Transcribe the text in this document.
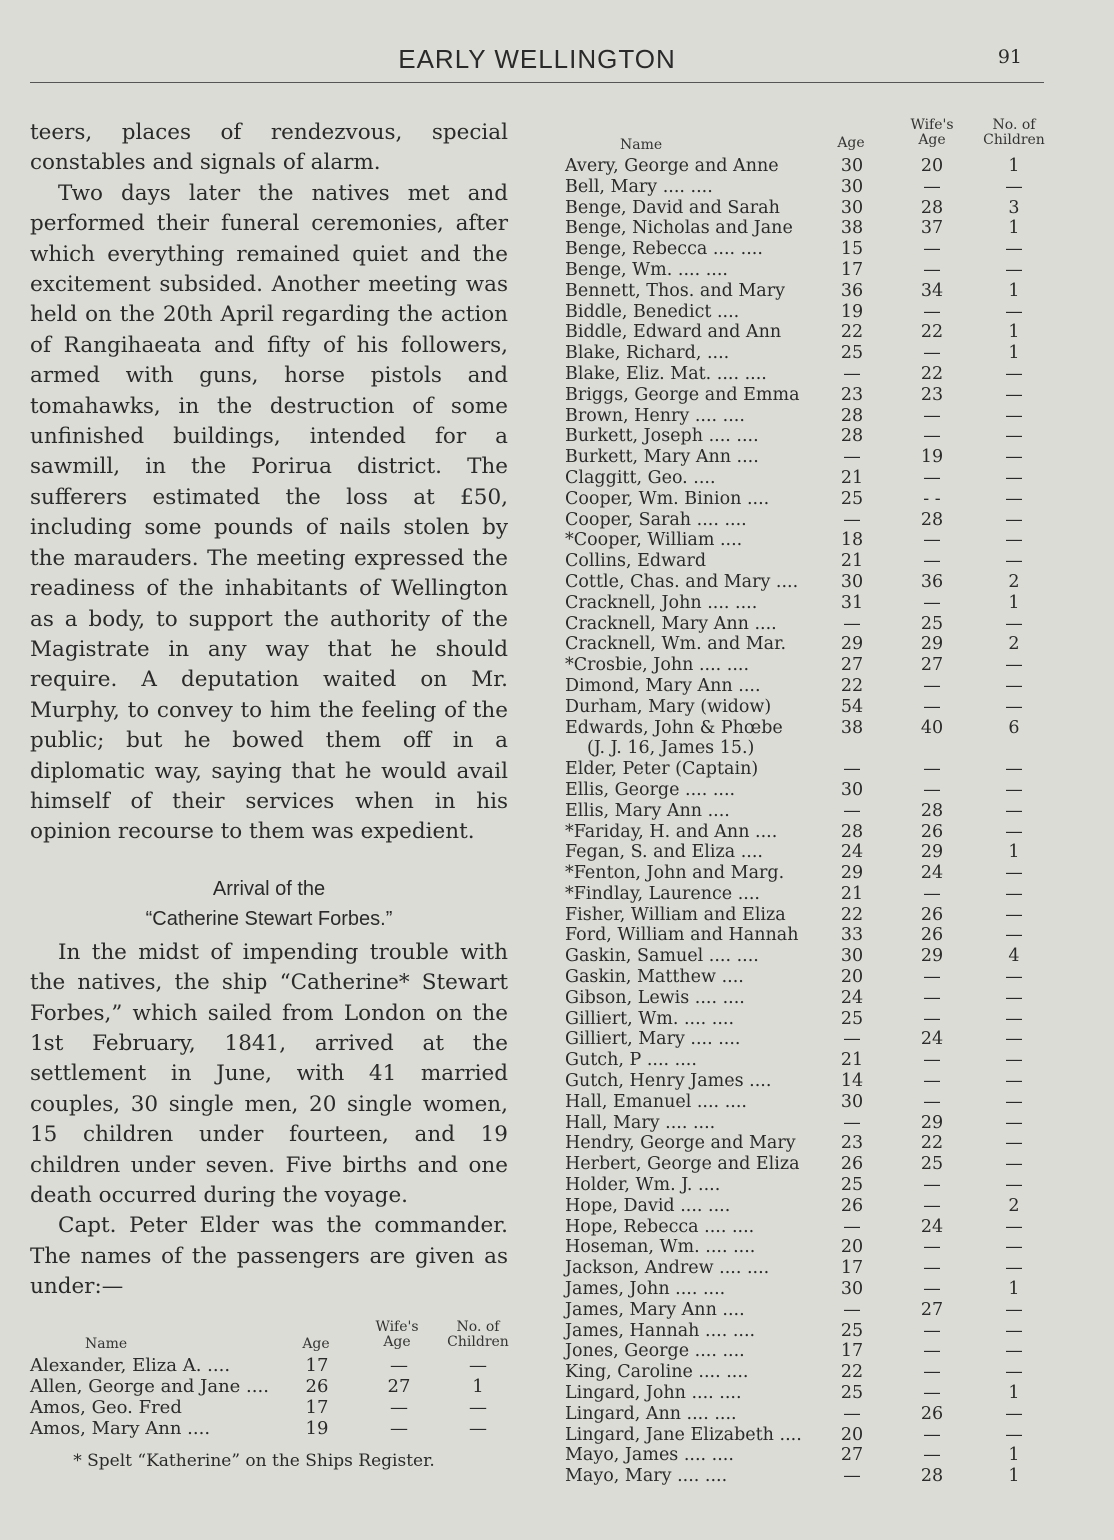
EARLY WELLINGTON	91

teers, places of rendezvous, special constables and signals of alarm.

Two days later the natives met and performed their funeral ceremonies, after which everything remained quiet and the excitement subsided. Another meeting was held on the 20th April regarding the action of Rangihaeata and fifty of his followers, armed with guns, horse pistols and tomahawks, in the destruction of some unfinished buildings, intended for a sawmill, in the Porirua district. The sufferers estimated the loss at £50, including some pounds of nails stolen by the marauders. The meeting expressed the readiness of the inhabitants of Wellington as a body, to support the authority of the Magistrate in any way that he should require. A deputation waited on Mr. Murphy, to convey to him the feeling of the public; but he bowed them off in a diplomatic way, saying that he would avail himself of their services when in his opinion recourse to them was expedient.

Arrival of the
“Catherine Stewart Forbes.”

In the midst of impending trouble with the natives, the ship “Catherine* Stewart Forbes,” which sailed from London on the 1st February, 1841, arrived at the settlement in June, with 41 married couples, 30 single men, 20 single women, 15 children under fourteen, and 19 children under seven. Five births and one death occurred during the voyage.

Capt. Peter Elder was the commander. The names of the passengers are given as under:—

Name	Age
Wife's
Age
No. of
Children
Alexander, Eliza A. ....	17	—	—
Allen, George and Jane .... 26	27	1
Amos, Geo. Fred	17	—	—
Amos, Mary Ann ....	19	—	—
* Spelt “Katherine” on the Ships Register.
Name	Age
Wife's
Age
No. of
Children
Avery, George and Anne	30	20	1
Bell, Mary .... ....	30	—	—
Benge, David and Sarah	30	28	3
Benge, Nicholas and Jane	38	37	1
Benge, Rebecca .... ....	15	—	—
Benge, Wm. .... ....	17	—	—
Bennett, Thos. and Mary	36	34	1
Biddle, Benedict ....	19	—	—
Biddle, Edward and Ann	22	22	1
Blake, Richard, ....	25	—	1
Blake, Eliz. Mat. .... ....	—	22	—
Briggs, George and Emma 23	23	—
Brown, Henry .... ....	28	—	—
Burkett, Joseph .... ....	28	—	—
Burkett, Mary Ann ....	—	19	—
Claggitt, Geo. ....	21	—	—
Cooper, Wm. Binion ....	25	- -	—
Cooper, Sarah .... ....	—	28	—
*Cooper, William ....	18	—	—
Collins, Edward	21	—	—
Cottle, Chas. and Mary .... 30	36	2
Cracknell, John .... ....	31	—	1
Cracknell, Mary Ann ....	—	25	—
Cracknell, Wm. and Mar.	29	29	2
*Crosbie, John .... ....	27	27	—
Dimond, Mary Ann ....	22	—	—
Durham, Mary (widow)	54	—	—
Edwards, John & Phœbe	38	40	6
(J. J. 16, James 15.)
Elder, Peter (Captain)	—	—	—
Ellis, George .... ....	30	—	—
Ellis, Mary Ann ....	—	28	—
*Fariday, H. and Ann ....	28	26	—
Fegan, S. and Eliza ....	24	29	1
*Fenton, John and Marg.	29	24	—
*Findlay, Laurence ....	21	—	—
Fisher, William and Eliza	22	26	—
Ford, William and Hannah 33	26	—
Gaskin, Samuel .... ....	30	29	4
Gaskin, Matthew ....	20	—	—
Gibson, Lewis .... ....	24	—	—
Gilliert, Wm. .... ....	25	—	—
Gilliert, Mary .... ....	—	24	—
Gutch, P .... ....	21	—	—
Gutch, Henry James ....	14	—	—
Hall, Emanuel .... ....	30	—	—
Hall, Mary .... ....	—	29	—
Hendry, George and Mary	23	22	—
Herbert, George and Eliza 26	25	—
Holder, Wm. J. ....	25	—	—
Hope, David .... ....	26	—	2
Hope, Rebecca .... ....	—	24	—
Hoseman, Wm. .... ....	20	—	—
Jackson, Andrew .... ....	17	—	—
James, John .... ....	30	—	1
James, Mary Ann ....	—	27	—
James, Hannah .... ....	25	—	—
Jones, George .... ....	17	—	—
King, Caroline .... ....	22	—	—
Lingard, John .... ....	25	—	1
Lingard, Ann .... ....	—	26	—
Lingard, Jane Elizabeth .... 20	—	—
Mayo, James .... ....	27	—	1
Mayo, Mary .... ....	—	28	1
